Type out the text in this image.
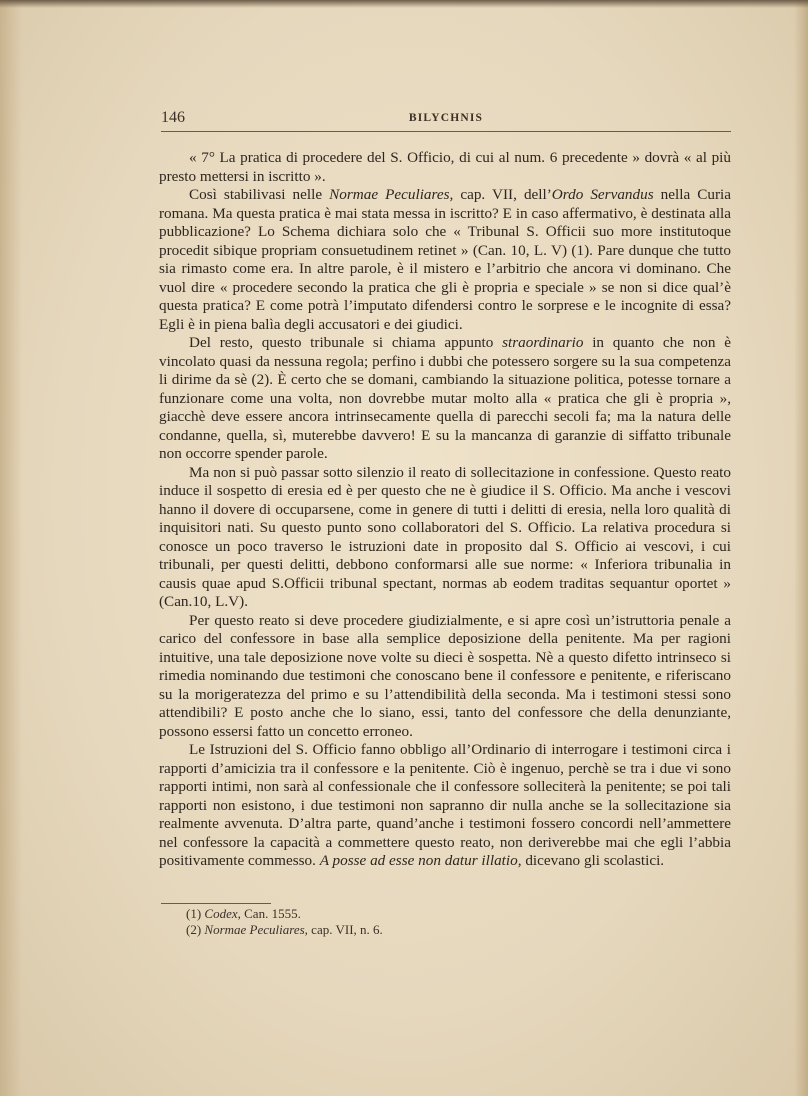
146	BILYCHNIS

« 7° La pratica di procedere del S. Officio, di cui al num. 6 precedente » dovrà « al più presto mettersi in iscritto ».

Così stabilivasi nelle Normae Peculiares, cap. VII, dell’Ordo Servandus nella Curia romana. Ma questa pratica è mai stata messa in iscritto? E in caso affermativo, è destinata alla pubblicazione? Lo Schema dichiara solo che « Tribunal S. Officii suo more institutoque procedit sibique propriam consuetudinem retinet » (Can. 10, L. V) (1). Pare dunque che tutto sia rimasto come era. In altre parole, è il mistero e l’arbitrio che ancora vi dominano. Che vuol dire « procedere secondo la pratica che gli è propria e speciale » se non si dice qual’è questa pratica? E come potrà l’imputato difendersi contro le sorprese e le incognite di essa? Egli è in piena balìa degli accusatori e dei giudici.

Del resto, questo tribunale si chiama appunto straordinario in quanto che non è vincolato quasi da nessuna regola; perfino i dubbi che potessero sorgere su la sua competenza li dirime da sè (2). È certo che se domani, cambiando la situazione politica, potesse tornare a funzionare come una volta, non dovrebbe mutar molto alla « pratica che gli è propria », giacchè deve essere ancora intrinsecamente quella di parecchi secoli fa; ma la natura delle condanne, quella, sì, muterebbe davvero! E su la mancanza di garanzie di siffatto tribunale non occorre spender parole.

Ma non si può passar sotto silenzio il reato di sollecitazione in confessione. Questo reato induce il sospetto di eresia ed è per questo che ne è giudice il S. Officio. Ma anche i vescovi hanno il dovere di occuparsene, come in genere di tutti i delitti di eresia, nella loro qualità di inquisitori nati. Su questo punto sono collaboratori del S. Officio. La relativa procedura si conosce un poco traverso le istruzioni date in proposito dal S. Officio ai vescovi, i cui tribunali, per questi delitti, debbono conformarsi alle sue norme: « Inferiora tribunalia in causis quae apud S.Officii tribunal spectant, normas ab eodem traditas sequantur oportet » (Can.10, L.V).

Per questo reato si deve procedere giudizialmente, e si apre così un’istruttoria penale a carico del confessore in base alla semplice deposizione della penitente. Ma per ragioni intuitive, una tale deposizione nove volte su dieci è sospetta. Nè a questo difetto intrinseco si rimedia nominando due testimoni che conoscano bene il confessore e penitente, e riferiscano su la morigeratezza del primo e su l’attendibilità della seconda. Ma i testimoni stessi sono attendibili? E posto anche che lo siano, essi, tanto del confessore che della denunziante, possono essersi fatto un concetto erroneo.

Le Istruzioni del S. Officio fanno obbligo all’Ordinario di interrogare i testimoni circa i rapporti d’amicizia tra il confessore e la penitente. Ciò è ingenuo, perchè se tra i due vi sono rapporti intimi, non sarà al confessionale che il confessore solleciterà la penitente; se poi tali rapporti non esistono, i due testimoni non sapranno dir nulla anche se la sollecitazione sia realmente avvenuta. D’altra parte, quand’anche i testimoni fossero concordi nell’ammettere nel confessore la capacità a commettere questo reato, non deriverebbe mai che egli l’abbia positivamente commesso. A posse ad esse non datur illatio, dicevano gli scolastici.

(1) Codex, Can. 1555.
(2) Normae Peculiares, cap. VII, n. 6.
